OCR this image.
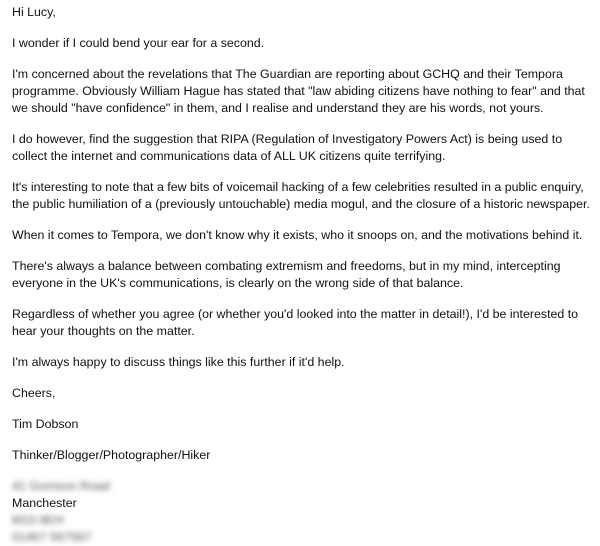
Hi Lucy,
I wonder if I could bend your ear for a second.
I'm concerned about the revelations that The Guardian are reporting about GCHQ and their Tempora
programme. Obviously William Hague has stated that "law abiding citizens have nothing to fear" and that
we should "have confidence" in them, and I realise and understand they are his words, not yours.
I do however, find the suggestion that RIPA (Regulation of Investigatory Powers Act) is being used to
collect the internet and communications data of ALL UK citizens quite terrifying.
It's interesting to note that a few bits of voicemail hacking of a few celebrities resulted in a public enquiry,
the public humiliation of a (previously untouchable) media mogul, and the closure of a historic newspaper.
When it comes to Tempora, we don't know why it exists, who it snoops on, and the motivations behind it.
There's always a balance between combating extremism and freedoms, but in my mind, intercepting
everyone in the UK's communications, is clearly on the wrong side of that balance.
Regardless of whether you agree (or whether you'd looked into the matter in detail!), I'd be interested to
hear your thoughts on the matter.
I'm always happy to discuss things like this further if it'd help.
Cheers,
Tim Dobson
Thinker/Blogger/Photographer/Hiker
41 Gorrison Road
Manchester
M10 8EH
01467 567567
